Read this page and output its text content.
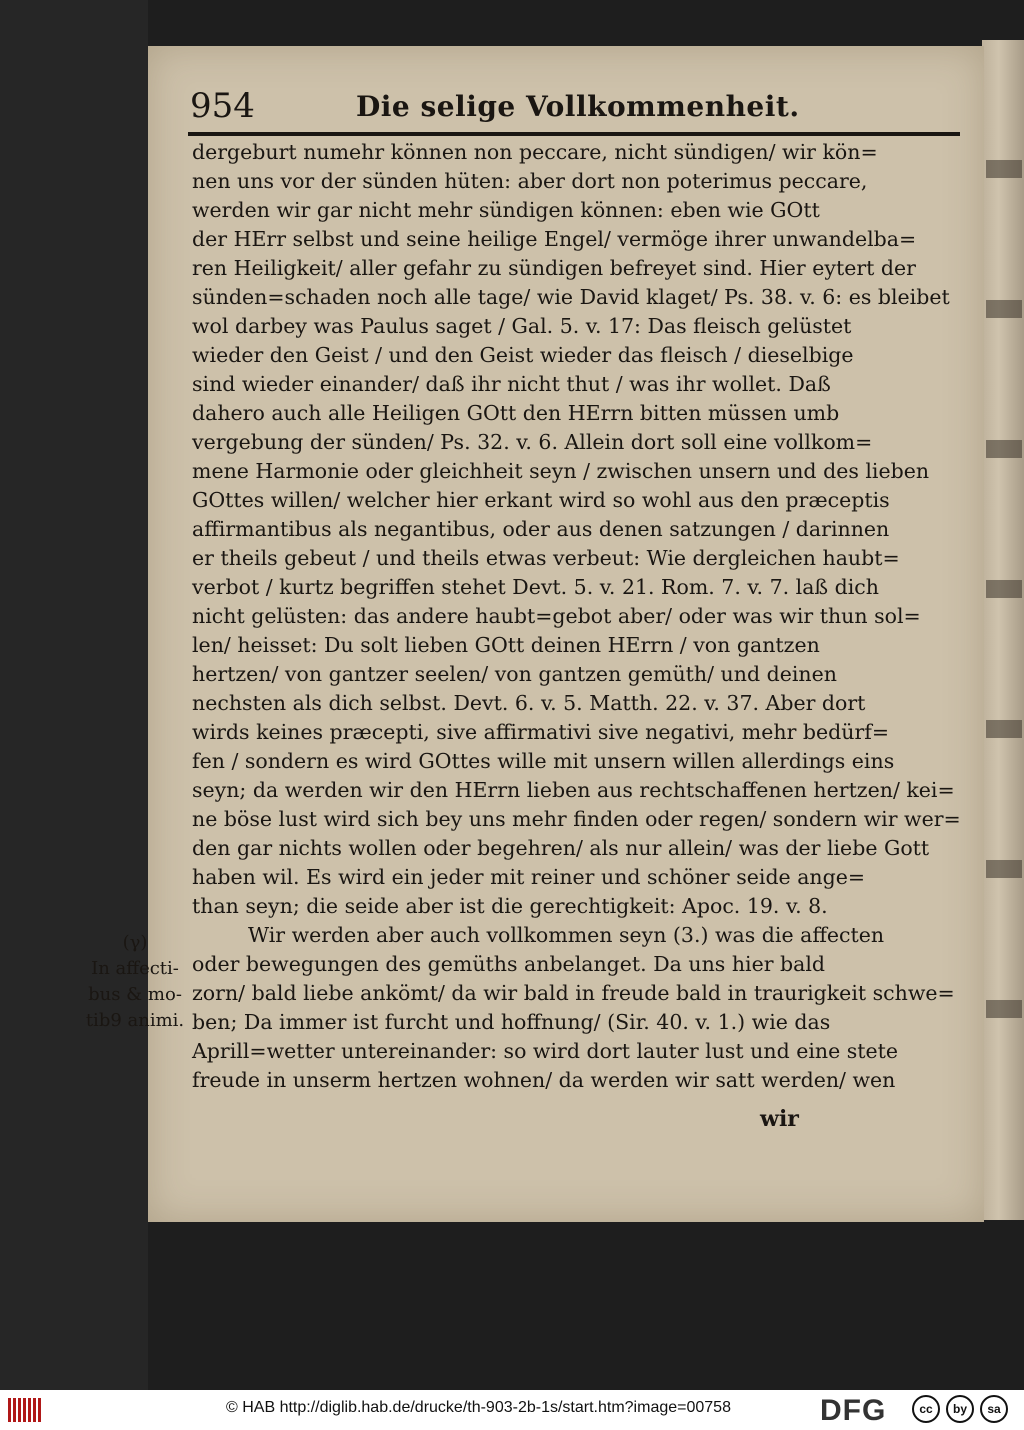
954	Die selige Vollkommenheit.
dergeburt numehr können non peccare, nicht sündigen/ wir kön=
nen uns vor der sünden hüten: aber dort non poterimus peccare,
werden wir gar nicht mehr sündigen können: eben wie GOtt
der HErr selbst und seine heilige Engel/ vermöge ihrer unwandelba=
ren Heiligkeit/ aller gefahr zu sündigen befreyet sind. Hier eytert der
sünden=schaden noch alle tage/ wie David klaget/ Ps. 38. v. 6: es bleibet
wol darbey was Paulus saget / Gal. 5. v. 17: Das fleisch gelüstet
wieder den Geist / und den Geist wieder das fleisch / dieselbige
sind wieder einander/ daß ihr nicht thut / was ihr wollet. Daß
dahero auch alle Heiligen GOtt den HErrn bitten müssen umb
vergebung der sünden/ Ps. 32. v. 6. Allein dort soll eine vollkom=
mene Harmonie oder gleichheit seyn / zwischen unsern und des lieben
GOttes willen/ welcher hier erkant wird so wohl aus den præceptis
affirmantibus als negantibus, oder aus denen satzungen / darinnen
er theils gebeut / und theils etwas verbeut: Wie dergleichen haubt=
verbot / kurtz begriffen stehet Devt. 5. v. 21. Rom. 7. v. 7. laß dich
nicht gelüsten: das andere haubt=gebot aber/ oder was wir thun sol=
len/ heisset: Du solt lieben GOtt deinen HErrn / von gantzen
hertzen/ von gantzer seelen/ von gantzen gemüth/ und deinen
nechsten als dich selbst. Devt. 6. v. 5. Matth. 22. v. 37. Aber dort
wirds keines præcepti, sive affirmativi sive negativi, mehr bedürf=
fen / sondern es wird GOttes wille mit unsern willen allerdings eins
seyn; da werden wir den HErrn lieben aus rechtschaffenen hertzen/ kei=
ne böse lust wird sich bey uns mehr finden oder regen/ sondern wir wer=
den gar nichts wollen oder begehren/ als nur allein/ was der liebe Gott
haben wil. Es wird ein jeder mit reiner und schöner seide ange=
than seyn; die seide aber ist die gerechtigkeit: Apoc. 19. v. 8.
Wir werden aber auch vollkommen seyn (3.) was die affecten
oder bewegungen des gemüths anbelanget. Da uns hier bald
zorn/ bald liebe ankömt/ da wir bald in freude bald in traurigkeit schwe=
ben; Da immer ist furcht und hoffnung/ (Sir. 40. v. 1.) wie das
Aprill=wetter untereinander: so wird dort lauter lust und eine stete
freude in unserm hertzen wohnen/ da werden wir satt werden/ wen
(γ)
In affecti-
bus & mo-
tib9 animi.
wir
© HAB http://diglib.hab.de/drucke/th-903-2b-1s/start.htm?image=00758	DFG	cc	by	sa
